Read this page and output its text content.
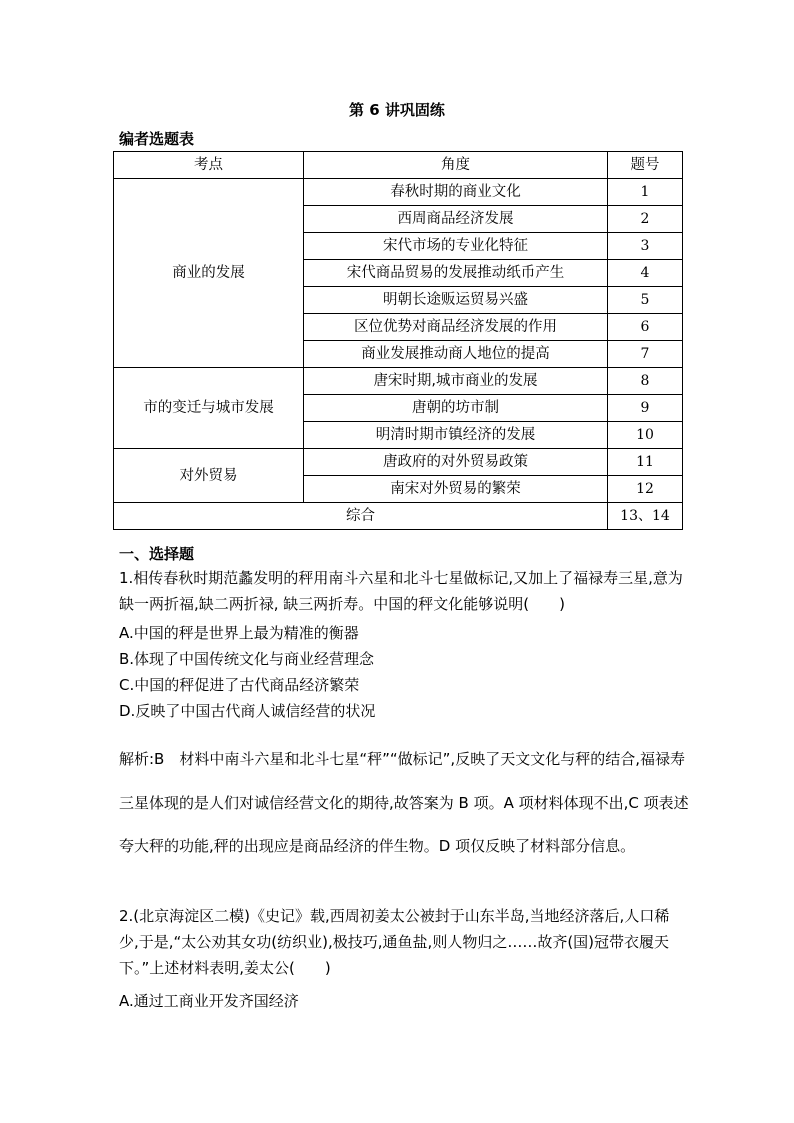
第 6 讲巩固练
编者选题表
考点	角度	题号
商业的发展	春秋时期的商业文化	1
	西周商品经济发展	2
	宋代市场的专业化特征	3
	宋代商品贸易的发展推动纸币产生	4
	明朝长途贩运贸易兴盛	5
	区位优势对商品经济发展的作用	6
	商业发展推动商人地位的提高	7
市的变迁与城市发展	唐宋时期,城市商业的发展	8
	唐朝的坊市制	9
	明清时期市镇经济的发展	10
对外贸易	唐政府的对外贸易政策	11
	南宋对外贸易的繁荣	12
综合		13、14
一、选择题
1.相传春秋时期范蠡发明的秤用南斗六星和北斗七星做标记,又加上了福禄寿三星,意为缺一两折福,缺二两折禄, 缺三两折寿。中国的秤文化能够说明(　　)
A.中国的秤是世界上最为精准的衡器
B.体现了中国传统文化与商业经营理念
C.中国的秤促进了古代商品经济繁荣
D.反映了中国古代商人诚信经营的状况
解析:B　材料中南斗六星和北斗七星“秤”“做标记”,反映了天文文化与秤的结合,福禄寿三星体现的是人们对诚信经营文化的期待,故答案为 B 项。A 项材料体现不出,C 项表述夸大秤的功能,秤的出现应是商品经济的伴生物。D 项仅反映了材料部分信息。
2.(北京海淀区二模)《史记》载,西周初姜太公被封于山东半岛,当地经济落后,人口稀少,于是,“太公劝其女功(纺织业),极技巧,通鱼盐,则人物归之……故齐(国)冠带衣履天下。”上述材料表明,姜太公(　　)
A.通过工商业开发齐国经济
